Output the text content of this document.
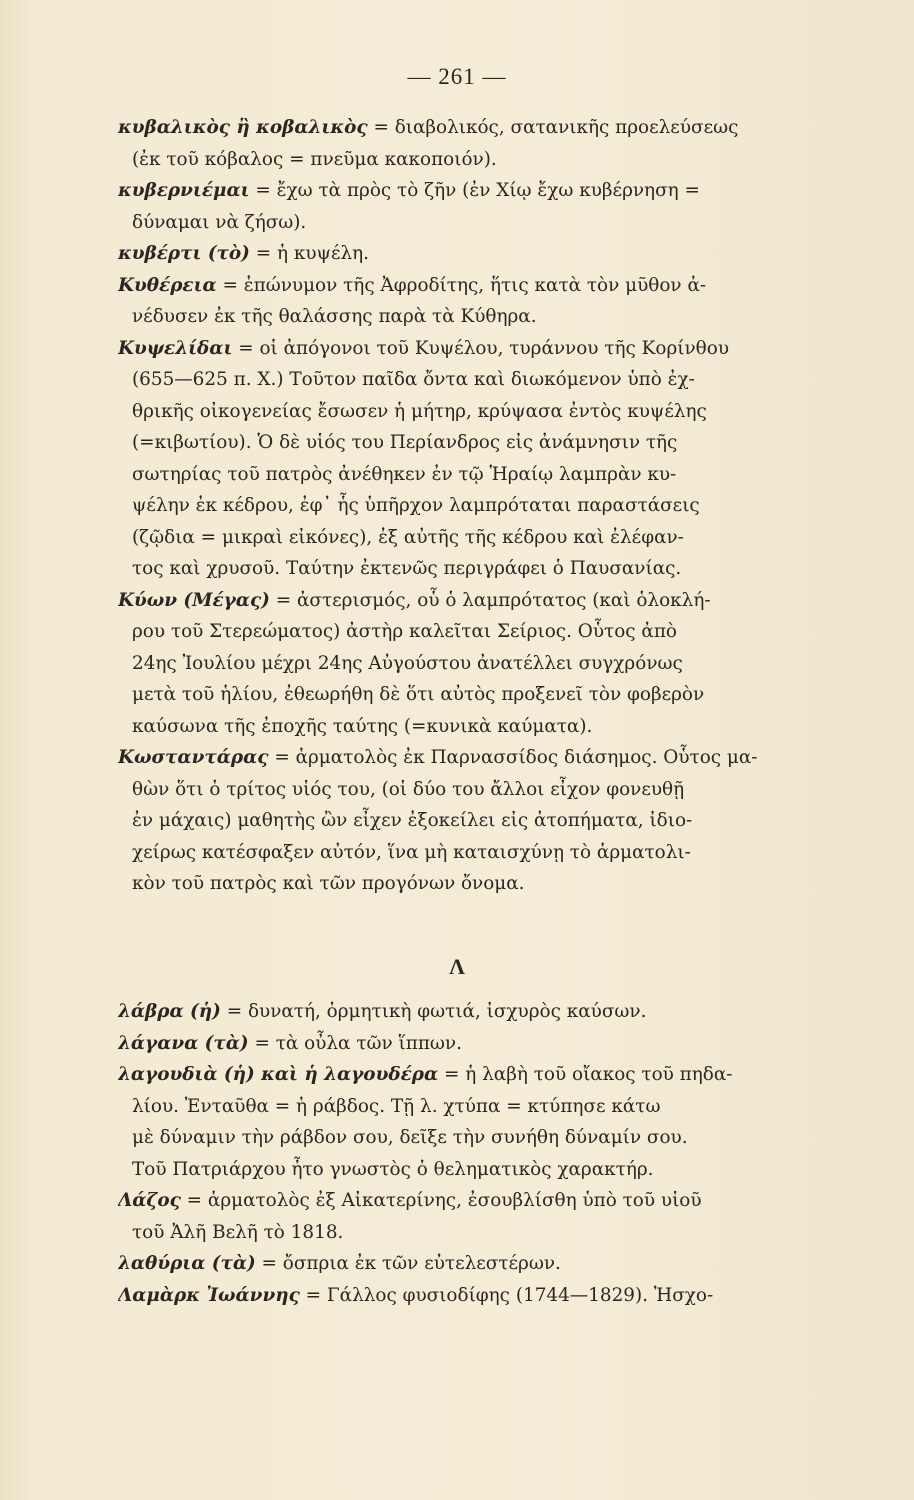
— 261 —
κυβαλικὸς ἢ κοβαλικὸς = διαβολικός, σατανικῆς προελεύσεως
(ἐκ τοῦ κόβαλος = πνεῦμα κακοποιόν).
κυβερνιέμαι = ἔχω τὰ πρὸς τὸ ζῆν (ἐν Χίῳ ἔχω κυβέρνηση =
δύναμαι νὰ ζήσω).
κυβέρτι (τὸ) = ἡ κυψέλη.
Κυθέρεια = ἐπώνυμον τῆς Ἀφροδίτης, ἥτις κατὰ τὸν μῦθον ἀ-
νέδυσεν ἐκ τῆς θαλάσσης παρὰ τὰ Κύθηρα.
Κυψελίδαι = οἱ ἀπόγονοι τοῦ Κυψέλου, τυράννου τῆς Κορίνθου
(655—625 π. Χ.) Τοῦτον παῖδα ὄντα καὶ διωκόμενον ὑπὸ ἐχ-
θρικῆς οἰκογενείας ἔσωσεν ἡ μήτηρ, κρύψασα ἐντὸς κυψέλης
(=κιβωτίου). Ὁ δὲ υἱός του Περίανδρος εἰς ἀνάμνησιν τῆς
σωτηρίας τοῦ πατρὸς ἀνέθηκεν ἐν τῷ Ἡραίῳ λαμπρὰν κυ-
ψέλην ἐκ κέδρου, ἐφ᾽ ἧς ὑπῆρχον λαμπρόταται παραστάσεις
(ζῷδια = μικραὶ εἰκόνες), ἐξ αὐτῆς τῆς κέδρου καὶ ἐλέφαν-
τος καὶ χρυσοῦ. Ταύτην ἐκτενῶς περιγράφει ὁ Παυσανίας.
Κύων (Μέγας) = ἀστερισμός, οὗ ὁ λαμπρότατος (καὶ ὁλοκλή-
ρου τοῦ Στερεώματος) ἀστὴρ καλεῖται Σείριος. Οὗτος ἀπὸ
24ης Ἰουλίου μέχρι 24ης Αὐγούστου ἀνατέλλει συγχρόνως
μετὰ τοῦ ἡλίου, ἐθεωρήθη δὲ ὅτι αὐτὸς προξενεῖ τὸν φοβερὸν
καύσωνα τῆς ἐποχῆς ταύτης (=κυνικὰ καύματα).
Κωσταντάρας = ἁρματολὸς ἐκ Παρνασσίδος διάσημος. Οὗτος μα-
θὼν ὅτι ὁ τρίτος υἱός του, (οἱ δύο του ἄλλοι εἶχον φονευθῇ
ἐν μάχαις) μαθητὴς ὢν εἶχεν ἐξοκείλει εἰς ἀτοπήματα, ἰδιο-
χείρως κατέσφαξεν αὐτόν, ἵνα μὴ καταισχύνῃ τὸ ἁρματολι-
κὸν τοῦ πατρὸς καὶ τῶν προγόνων ὄνομα.
Λ
λάβρα (ἡ) = δυνατή, ὁρμητικὴ φωτιά, ἰσχυρὸς καύσων.
λάγανα (τὰ) = τὰ οὖλα τῶν ἵππων.
λαγουδιὰ (ἡ) καὶ ἡ λαγουδέρα = ἡ λαβὴ τοῦ οἴακος τοῦ πηδα-
λίου. Ἐνταῦθα = ἡ ράβδος. Τῇ λ. χτύπα = κτύπησε κάτω
μὲ δύναμιν τὴν ράβδον σου, δεῖξε τὴν συνήθη δύναμίν σου.
Τοῦ Πατριάρχου ἦτο γνωστὸς ὁ θεληματικὸς χαρακτήρ.
Λάζος = ἁρματολὸς ἐξ Αἰκατερίνης, ἐσουβλίσθη ὑπὸ τοῦ υἱοῦ
τοῦ Ἀλῆ Βελῆ τὸ 1818.
λαθύρια (τὰ) = ὄσπρια ἐκ τῶν εὐτελεστέρων.
Λαμὰρκ Ἰωάννης = Γάλλος φυσιοδίφης (1744—1829). Ἠσχο-
